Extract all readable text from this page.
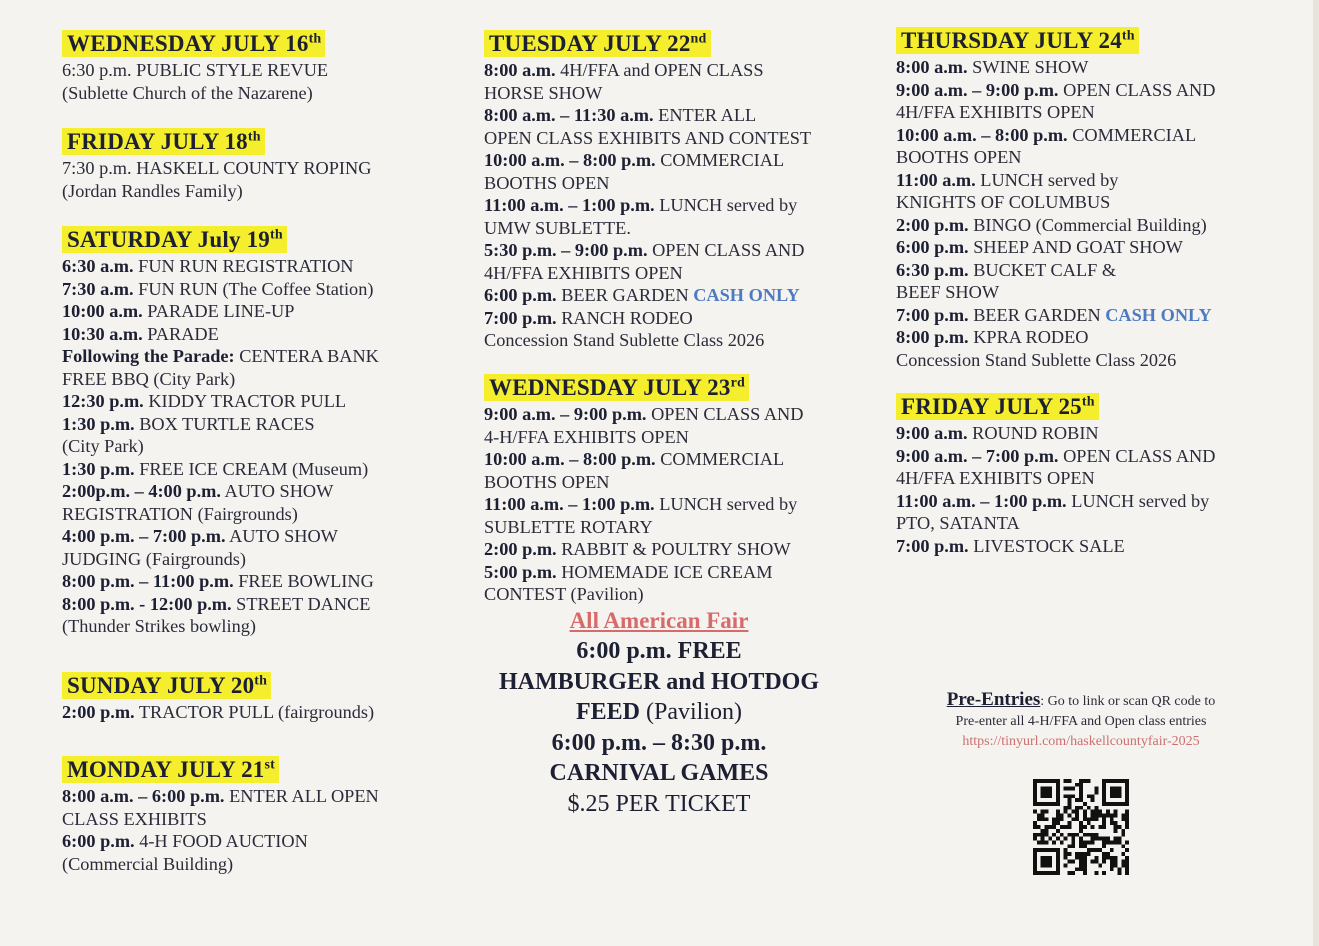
WEDNESDAY JULY 16th
6:30 p.m. PUBLIC STYLE REVUE
(Sublette Church of the Nazarene)
FRIDAY JULY 18th
7:30 p.m. HASKELL COUNTY ROPING
(Jordan Randles Family)
SATURDAY July 19th
6:30 a.m. FUN RUN REGISTRATION
7:30 a.m. FUN RUN (The Coffee Station)
10:00 a.m. PARADE LINE-UP
10:30 a.m. PARADE
Following the Parade: CENTERA BANK
FREE BBQ (City Park)
12:30 p.m. KIDDY TRACTOR PULL
1:30 p.m. BOX TURTLE RACES
(City Park)
1:30 p.m. FREE ICE CREAM (Museum)
2:00p.m. – 4:00 p.m. AUTO SHOW
REGISTRATION (Fairgrounds)
4:00 p.m. – 7:00 p.m. AUTO SHOW
JUDGING (Fairgrounds)
8:00 p.m. – 11:00 p.m. FREE BOWLING
8:00 p.m. - 12:00 p.m. STREET DANCE
(Thunder Strikes bowling)
SUNDAY JULY 20th
2:00 p.m. TRACTOR PULL (fairgrounds)
MONDAY JULY 21st
8:00 a.m. – 6:00 p.m. ENTER ALL OPEN
CLASS EXHIBITS
6:00 p.m. 4-H FOOD AUCTION
(Commercial Building)
TUESDAY JULY 22nd
8:00 a.m. 4H/FFA and OPEN CLASS
HORSE SHOW
8:00 a.m. – 11:30 a.m. ENTER ALL
OPEN CLASS EXHIBITS AND CONTEST
10:00 a.m. – 8:00 p.m. COMMERCIAL
BOOTHS OPEN
11:00 a.m. – 1:00 p.m. LUNCH served by
UMW SUBLETTE.
5:30 p.m. – 9:00 p.m. OPEN CLASS AND
4H/FFA EXHIBITS OPEN
6:00 p.m. BEER GARDEN CASH ONLY
7:00 p.m. RANCH RODEO
Concession Stand Sublette Class 2026
WEDNESDAY JULY 23rd
9:00 a.m. – 9:00 p.m. OPEN CLASS AND
4-H/FFA EXHIBITS OPEN
10:00 a.m. – 8:00 p.m. COMMERCIAL
BOOTHS OPEN
11:00 a.m. – 1:00 p.m. LUNCH served by
SUBLETTE ROTARY
2:00 p.m. RABBIT & POULTRY SHOW
5:00 p.m. HOMEMADE ICE CREAM
CONTEST (Pavilion)
Pre-Entries: Go to link or scan QR code to
Pre-enter all 4-H/FFA and Open class entries
https://tinyurl.com/haskellcountyfair-2025
THURSDAY JULY 24th
8:00 a.m. SWINE SHOW
9:00 a.m. – 9:00 p.m. OPEN CLASS AND
4H/FFA EXHIBITS OPEN
10:00 a.m. – 8:00 p.m. COMMERCIAL
BOOTHS OPEN
11:00 a.m. LUNCH served by
KNIGHTS OF COLUMBUS
2:00 p.m. BINGO (Commercial Building)
6:00 p.m. SHEEP AND GOAT SHOW
6:30 p.m. BUCKET CALF &
BEEF SHOW
7:00 p.m. BEER GARDEN CASH ONLY
8:00 p.m. KPRA RODEO
Concession Stand Sublette Class 2026
FRIDAY JULY 25th
9:00 a.m. ROUND ROBIN
9:00 a.m. – 7:00 p.m. OPEN CLASS AND
4H/FFA EXHIBITS OPEN
11:00 a.m. – 1:00 p.m. LUNCH served by
PTO, SATANTA
7:00 p.m. LIVESTOCK SALE
All American Fair
6:00 p.m. FREE
HAMBURGER and HOTDOG
FEED (Pavilion)
6:00 p.m. – 8:30 p.m.
CARNIVAL GAMES
$.25 PER TICKET
